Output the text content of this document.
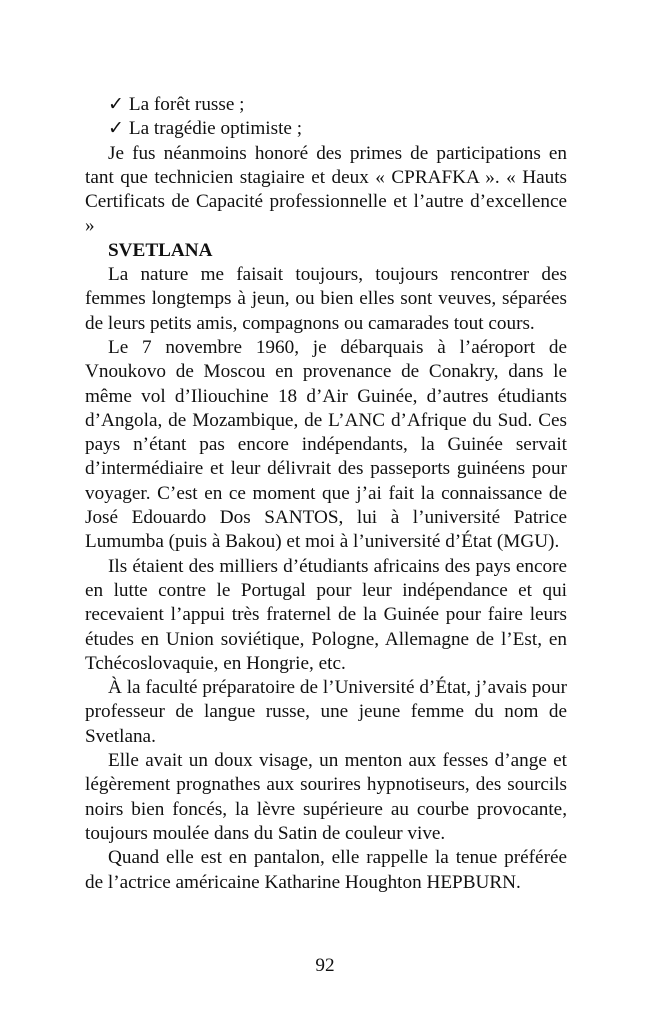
✓ La forêt russe ;

✓ La tragédie optimiste ;

Je fus néanmoins honoré des primes de participations en tant que technicien stagiaire et deux « CPRAFKA ». « Hauts Certificats de Capacité professionnelle et l’autre d’excellence »

SVETLANA

La nature me faisait toujours, toujours rencontrer des femmes longtemps à jeun, ou bien elles sont veuves, séparées de leurs petits amis, compagnons ou camarades tout cours.

Le 7 novembre 1960, je débarquais à l’aéroport de Vnoukovo de Moscou en provenance de Conakry, dans le même vol d’Iliouchine 18 d’Air Guinée, d’autres étudiants d’Angola, de Mozambique, de L’ANC d’Afrique du Sud. Ces pays n’étant pas encore indépendants, la Guinée servait d’intermédiaire et leur délivrait des passeports guinéens pour voyager. C’est en ce moment que j’ai fait la connaissance de José Edouardo Dos SANTOS, lui à l’université Patrice Lumumba (puis à Bakou) et moi à l’université d’État (MGU).

Ils étaient des milliers d’étudiants africains des pays encore en lutte contre le Portugal pour leur indépendance et qui recevaient l’appui très fraternel de la Guinée pour faire leurs études en Union soviétique, Pologne, Allemagne de l’Est, en Tchécoslovaquie, en Hongrie, etc.

À la faculté préparatoire de l’Université d’État, j’avais pour professeur de langue russe, une jeune femme du nom de Svetlana.

Elle avait un doux visage, un menton aux fesses d’ange et légèrement prognathes aux sourires hypnotiseurs, des sourcils noirs bien foncés, la lèvre supérieure au courbe provocante, toujours moulée dans du Satin de couleur vive.

Quand elle est en pantalon, elle rappelle la tenue préférée de l’actrice américaine Katharine Houghton HEPBURN.

92
